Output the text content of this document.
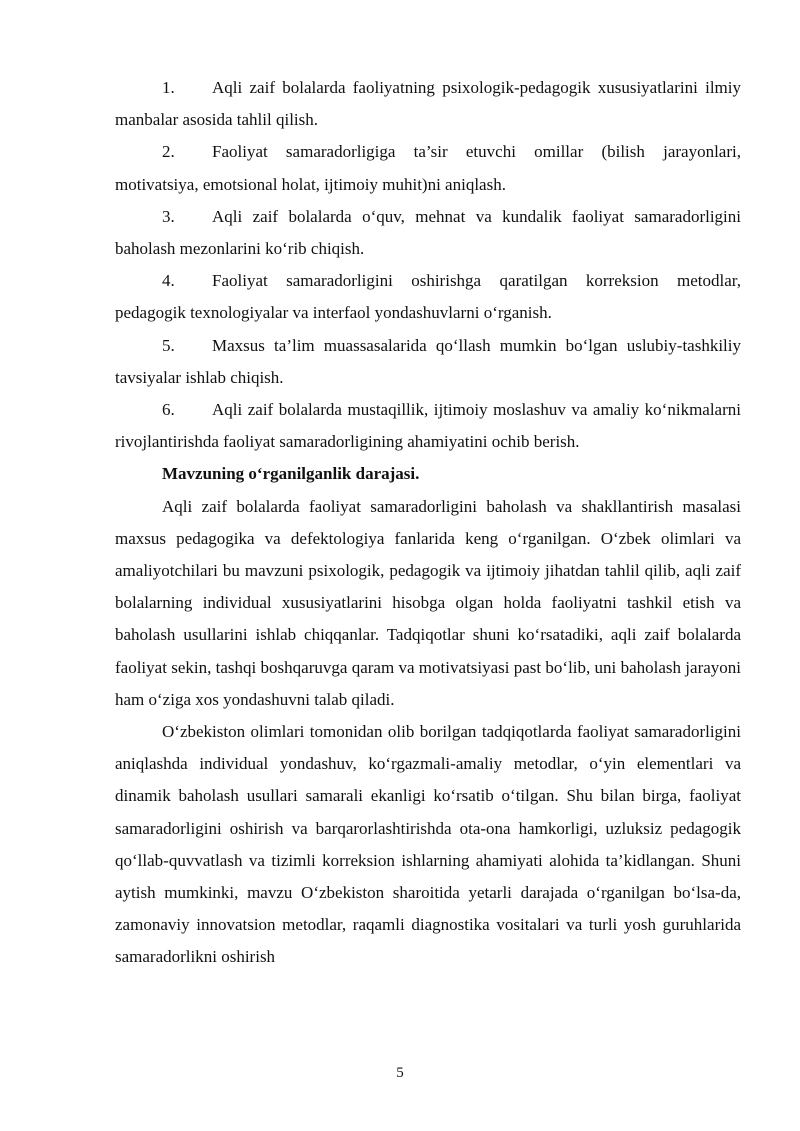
1. Aqli zaif bolalarda faoliyatning psixologik-pedagogik xususiyatlarini ilmiy manbalar asosida tahlil qilish.

2. Faoliyat samaradorligiga ta’sir etuvchi omillar (bilish jarayonlari, motivatsiya, emotsional holat, ijtimoiy muhit)ni aniqlash.

3. Aqli zaif bolalarda o‘quv, mehnat va kundalik faoliyat samaradorligini baholash mezonlarini ko‘rib chiqish.

4. Faoliyat samaradorligini oshirishga qaratilgan korreksion metodlar, pedagogik texnologiyalar va interfaol yondashuvlarni o‘rganish.

5. Maxsus ta’lim muassasalarida qo‘llash mumkin bo‘lgan uslubiy-tashkiliy tavsiyalar ishlab chiqish.

6. Aqli zaif bolalarda mustaqillik, ijtimoiy moslashuv va amaliy ko‘nikmalarni rivojlantirishda faoliyat samaradorligining ahamiyatini ochib berish.

Mavzuning o‘rganilganlik darajasi.

Aqli zaif bolalarda faoliyat samaradorligini baholash va shakllantirish masalasi maxsus pedagogika va defektologiya fanlarida keng o‘rganilgan. O‘zbek olimlari va amaliyotchilari bu mavzuni psixologik, pedagogik va ijtimoiy jihatdan tahlil qilib, aqli zaif bolalarning individual xususiyatlarini hisobga olgan holda faoliyatni tashkil etish va baholash usullarini ishlab chiqqanlar. Tadqiqotlar shuni ko‘rsatadiki, aqli zaif bolalarda faoliyat sekin, tashqi boshqaruvga qaram va motivatsiyasi past bo‘lib, uni baholash jarayoni ham o‘ziga xos yondashuvni talab qiladi.

O‘zbekiston olimlari tomonidan olib borilgan tadqiqotlarda faoliyat samaradorligini aniqlashda individual yondashuv, ko‘rgazmali-amaliy metodlar, o‘yin elementlari va dinamik baholash usullari samarali ekanligi ko‘rsatib o‘tilgan. Shu bilan birga, faoliyat samaradorligini oshirish va barqarorlashtirishda ota-ona hamkorligi, uzluksiz pedagogik qo‘llab-quvvatlash va tizimli korreksion ishlarning ahamiyati alohida ta’kidlangan. Shuni aytish mumkinki, mavzu O‘zbekiston sharoitida yetarli darajada o‘rganilgan bo‘lsa-da, zamonaviy innovatsion metodlar, raqamli diagnostika vositalari va turli yosh guruhlarida samaradorlikni oshirish

5
